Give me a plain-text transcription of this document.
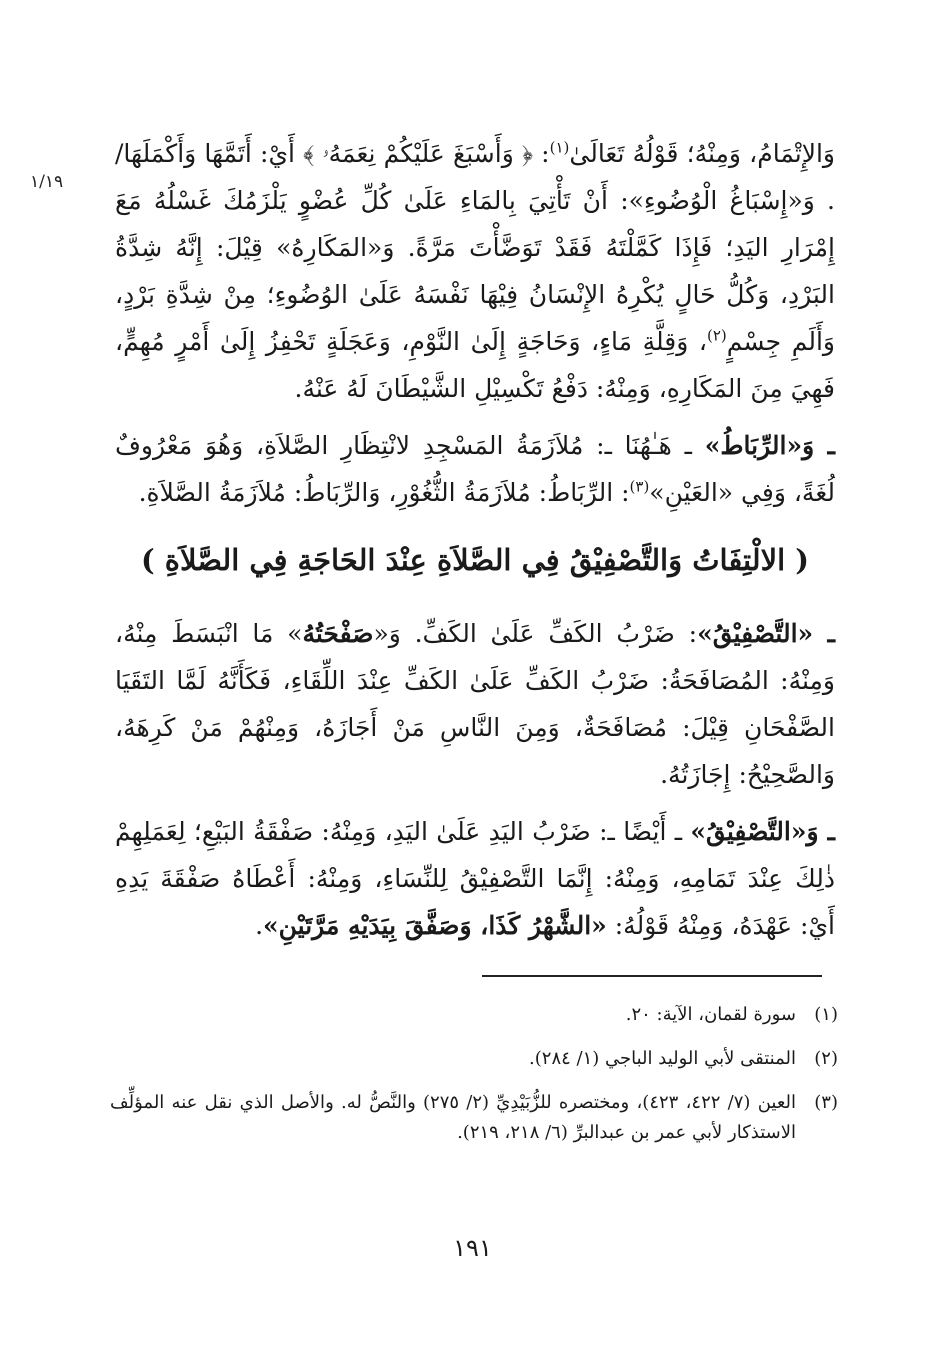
١/١٩

وَالإِتْمَامُ، وَمِنْهُ؛ قَوْلُهُ تَعَالَىٰ$^{(١)}$: ﴿ وَأَسْبَغَ عَلَيْكُمْ نِعَمَهُۥ ﴾ أَيْ: أَتَمَّهَا وَأَكْمَلَهَا/ . وَ«إِسْبَاغُ الْوُضُوءِ»: أَنْ تَأْتِيَ بِالمَاءِ عَلَىٰ كُلِّ عُضْوٍ يَلْزَمُكَ غَسْلُهُ مَعَ إِمْرَارِ اليَدِ؛ فَإِذَا كَمَّلْتَهُ فَقَدْ تَوَضَّأْتَ مَرَّةً. وَ«المَكَارِهُ» قِيْلَ: إِنَّهُ شِدَّةُ البَرْدِ، وَكُلُّ حَالٍ يُكْرِهُ الإِنْسَانُ فِيْهَا نَفْسَهُ عَلَىٰ الوُضُوءِ؛ مِنْ شِدَّةِ بَرْدٍ، وَأَلَمِ جِسْمٍ$^{(٢)}$، وَقِلَّةِ مَاءٍ، وَحَاجَةٍ إِلَىٰ النَّوْمِ، وَعَجَلَةٍ تَحْفِزُ إِلَىٰ أَمْرٍ مُهِمٍّ، فَهِيَ مِنَ المَكَارِهِ، وَمِنْهُ: دَفْعُ تَكْسِيْلِ الشَّيْطَانَ لَهُ عَنْهُ.

ـ وَ«الرِّبَاطُ» ـ هَـٰهُنَا ـ: مُلاَزَمَةُ المَسْجِدِ لانْتِظَارِ الصَّلاَةِ، وَهُوَ مَعْرُوفٌ لُغَةً، وَفِي «العَيْنِ»$^{(٣)}$: الرِّبَاطُ: مُلاَزَمَةُ الثُّغُوْرِ، وَالرِّبَاطُ: مُلاَزَمَةُ الصَّلاَةِ.

( الالْتِفَاتُ وَالتَّصْفِيْقُ فِي الصَّلاَةِ عِنْدَ الحَاجَةِ فِي الصَّلاَةِ )

ـ «التَّصْفِيْقُ»: ضَرْبُ الكَفِّ عَلَىٰ الكَفِّ. وَ«صَفْحَتُهُ» مَا انْبَسَطَ مِنْهُ، وَمِنْهُ: المُصَافَحَةُ: ضَرْبُ الكَفِّ عَلَىٰ الكَفِّ عِنْدَ اللِّقَاءِ، فَكَأَنَّهُ لَمَّا التَقَيَا الصَّفْحَانِ قِيْلَ: مُصَافَحَةٌ، وَمِنَ النَّاسِ مَنْ أَجَازَهُ، وَمِنْهُمْ مَنْ كَرِهَهُ، وَالصَّحِيْحُ: إِجَازَتُهُ.

ـ وَ«التَّصْفِيْقُ» ـ أَيْضًا ـ: ضَرْبُ اليَدِ عَلَىٰ اليَدِ، وَمِنْهُ: صَفْقَةُ البَيْعِ؛ لِعَمَلِهِمْ ذٰلِكَ عِنْدَ تَمَامِهِ، وَمِنْهُ: إِنَّمَا التَّصْفِيْقُ لِلنِّسَاءِ، وَمِنْهُ: أَعْطَاهُ صَفْقَةَ يَدِهِ أَيْ: عَهْدَهُ، وَمِنْهُ قَوْلُهُ: «الشَّهْرُ كَذَا، وَصَفَّقَ بِيَدَيْهِ مَرَّتَيْنِ».

(١)
سورة لقمان، الآية: ٢٠.
(٢)
المنتقى لأبي الوليد الباجي (١/ ٢٨٤).
(٣)
العين (٧/ ٤٢٢، ٤٢٣)، ومختصره للزُّبَيْدِيِّ (٢/ ٢٧٥) والنَّصُّ له. والأصل الذي نقل عنه المؤلِّف الاستذكار لأبي عمر بن عبدالبرِّ (٦/ ٢١٨، ٢١٩).
١٩١
